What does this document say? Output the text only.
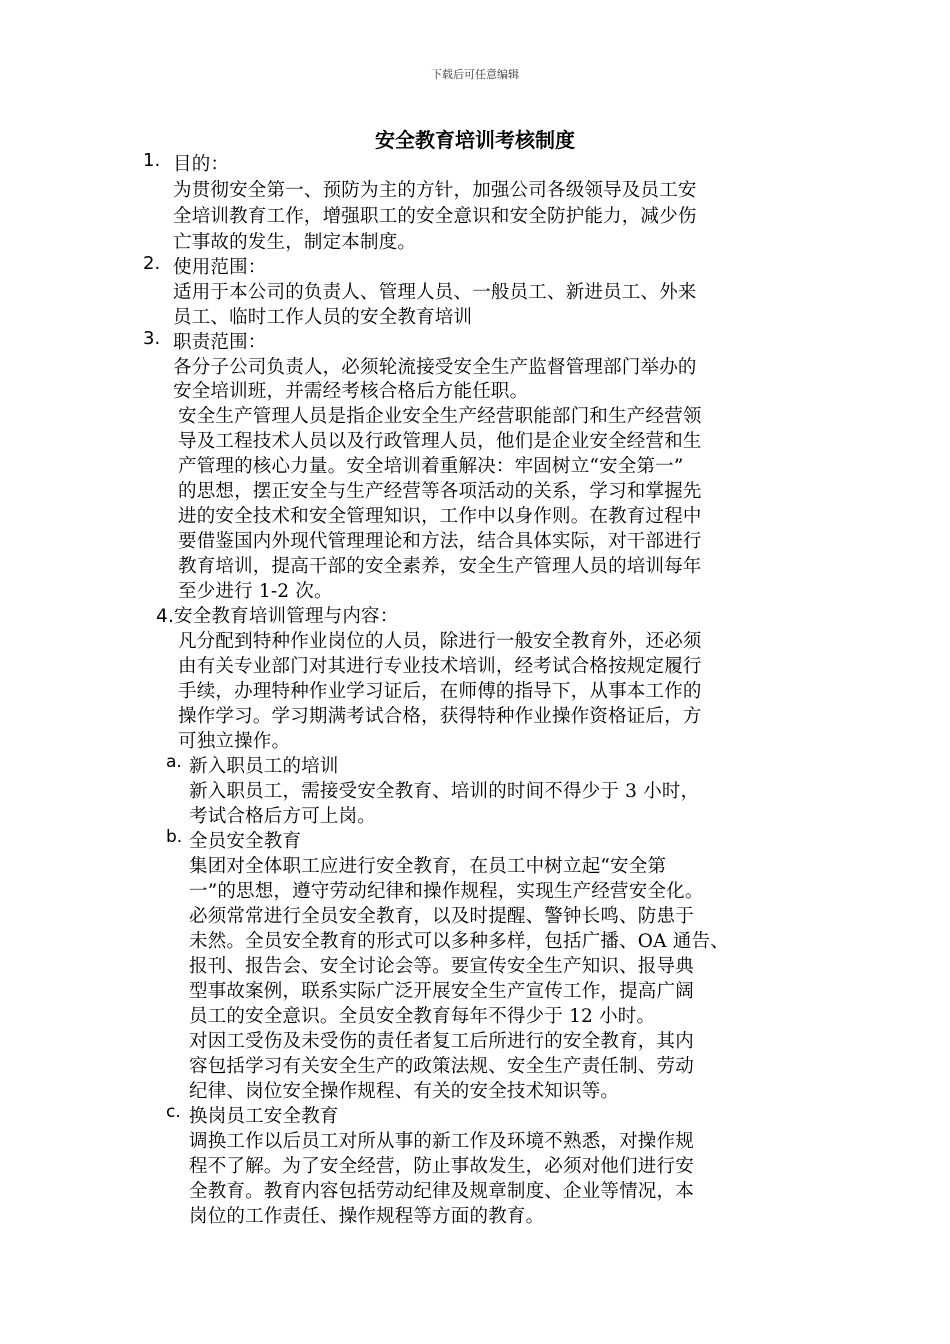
下载后可任意编辑
安全教育培训考核制度
1. 目的：
为贯彻安全第一、预防为主的方针，加强公司各级领导及员工安
全培训教育工作，增强职工的安全意识和安全防护能力，减少伤
亡事故的发生，制定本制度。
2. 使用范围：
适用于本公司的负责人、管理人员、一般员工、新进员工、外来
员工、临时工作人员的安全教育培训
3. 职责范围：
各分子公司负责人，必须轮流接受安全生产监督管理部门举办的
安全培训班，并需经考核合格后方能任职。
安全生产管理人员是指企业安全生产经营职能部门和生产经营领
导及工程技术人员以及行政管理人员，他们是企业安全经营和生
产管理的核心力量。安全培训着重解决：牢固树立“安全第一”
的思想，摆正安全与生产经营等各项活动的关系，学习和掌握先
进的安全技术和安全管理知识，工作中以身作则。在教育过程中
要借鉴国内外现代管理理论和方法，结合具体实际，对干部进行
教育培训，提高干部的安全素养，安全生产管理人员的培训每年
至少进行 1-2 次。
4.安全教育培训管理与内容：
凡分配到特种作业岗位的人员，除进行一般安全教育外，还必须
由有关专业部门对其进行专业技术培训，经考试合格按规定履行
手续，办理特种作业学习证后，在师傅的指导下，从事本工作的
操作学习。学习期满考试合格，获得特种作业操作资格证后，方
可独立操作。
a. 新入职员工的培训
新入职员工，需接受安全教育、培训的时间不得少于 3 小时，
考试合格后方可上岗。
b. 全员安全教育
集团对全体职工应进行安全教育，在员工中树立起“安全第
一”的思想，遵守劳动纪律和操作规程，实现生产经营安全化。
必须常常进行全员安全教育，以及时提醒、警钟长鸣、防患于
未然。全员安全教育的形式可以多种多样，包括广播、OA 通告、
报刊、报告会、安全讨论会等。要宣传安全生产知识、报导典
型事故案例，联系实际广泛开展安全生产宣传工作，提高广阔
员工的安全意识。全员安全教育每年不得少于 12 小时。
对因工受伤及未受伤的责任者复工后所进行的安全教育，其内
容包括学习有关安全生产的政策法规、安全生产责任制、劳动
纪律、岗位安全操作规程、有关的安全技术知识等。
c. 换岗员工安全教育
调换工作以后员工对所从事的新工作及环境不熟悉，对操作规
程不了解。为了安全经营，防止事故发生，必须对他们进行安
全教育。教育内容包括劳动纪律及规章制度、企业等情况，本
岗位的工作责任、操作规程等方面的教育。
